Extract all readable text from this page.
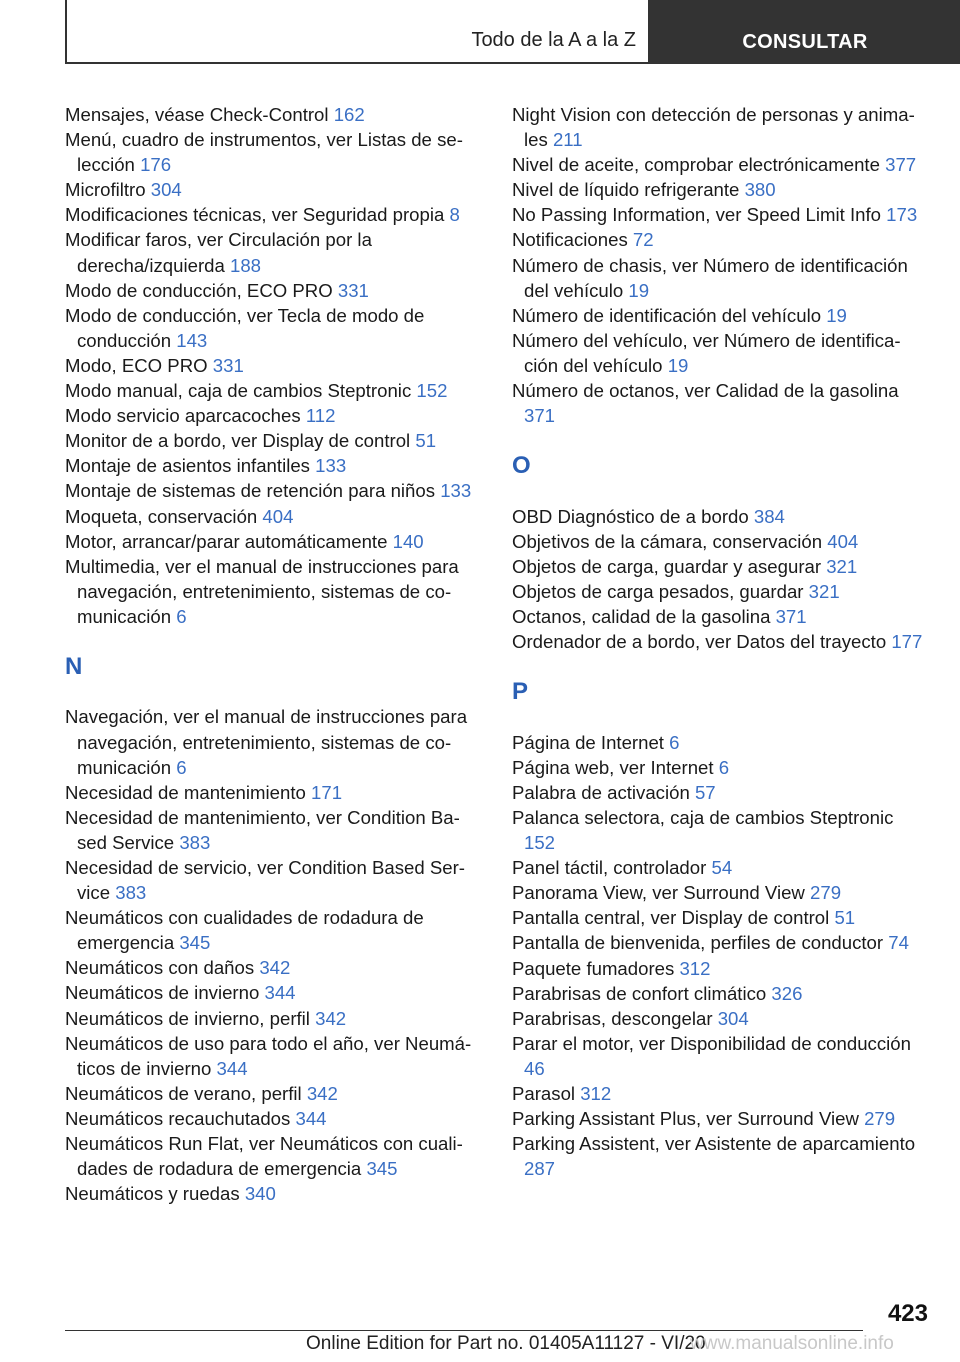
Todo de la A a la Z	CONSULTAR
Mensajes, véase Check-Control 162
Menú, cuadro de instrumentos, ver Listas de selección 176
Microfiltro 304
Modificaciones técnicas, ver Seguridad propia 8
Modificar faros, ver Circulación por la derecha/izquierda 188
Modo de conducción, ECO PRO 331
Modo de conducción, ver Tecla de modo de conducción 143
Modo, ECO PRO 331
Modo manual, caja de cambios Steptronic 152
Modo servicio aparcacoches 112
Monitor de a bordo, ver Display de control 51
Montaje de asientos infantiles 133
Montaje de sistemas de retención para niños 133
Moqueta, conservación 404
Motor, arrancar/parar automáticamente 140
Multimedia, ver el manual de instrucciones para navegación, entretenimiento, sistemas de comunicación 6
N
Navegación, ver el manual de instrucciones para navegación, entretenimiento, sistemas de comunicación 6
Necesidad de mantenimiento 171
Necesidad de mantenimiento, ver Condition Based Service 383
Necesidad de servicio, ver Condition Based Service 383
Neumáticos con cualidades de rodadura de emergencia 345
Neumáticos con daños 342
Neumáticos de invierno 344
Neumáticos de invierno, perfil 342
Neumáticos de uso para todo el año, ver Neumáticos de invierno 344
Neumáticos de verano, perfil 342
Neumáticos recauchutados 344
Neumáticos Run Flat, ver Neumáticos con cualidades de rodadura de emergencia 345
Neumáticos y ruedas 340
Night Vision con detección de personas y animales 211
Nivel de aceite, comprobar electrónicamente 377
Nivel de líquido refrigerante 380
No Passing Information, ver Speed Limit Info 173
Notificaciones 72
Número de chasis, ver Número de identificación del vehículo 19
Número de identificación del vehículo 19
Número del vehículo, ver Número de identificación del vehículo 19
Número de octanos, ver Calidad de la gasolina 371
O
OBD Diagnóstico de a bordo 384
Objetivos de la cámara, conservación 404
Objetos de carga, guardar y asegurar 321
Objetos de carga pesados, guardar 321
Octanos, calidad de la gasolina 371
Ordenador de a bordo, ver Datos del trayecto 177
P
Página de Internet 6
Página web, ver Internet 6
Palabra de activación 57
Palanca selectora, caja de cambios Steptronic 152
Panel táctil, controlador 54
Panorama View, ver Surround View 279
Pantalla central, ver Display de control 51
Pantalla de bienvenida, perfiles de conductor 74
Paquete fumadores 312
Parabrisas de confort climático 326
Parabrisas, descongelar 304
Parar el motor, ver Disponibilidad de conducción 46
Parasol 312
Parking Assistant Plus, ver Surround View 279
Parking Assistent, ver Asistente de aparcamiento 287
423
Online Edition for Part no. 01405A11127 - VI/20
www.manualsonline.info
